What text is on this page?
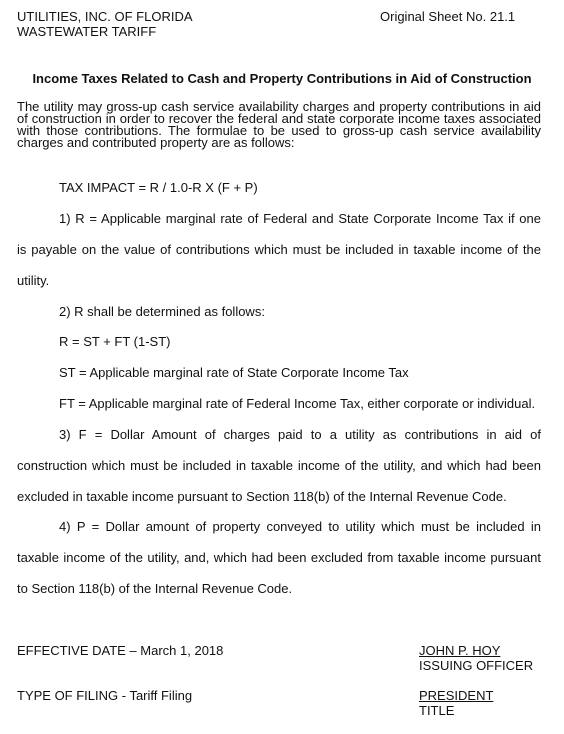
UTILITIES, INC. OF FLORIDA
WASTEWATER TARIFF
Original Sheet No. 21.1
Income Taxes Related to Cash and Property Contributions in Aid of Construction
The utility may gross-up cash service availability charges and property contributions in aid of construction in order to recover the federal and state corporate income taxes associated with those contributions. The formulae to be used to gross-up cash service availability charges and contributed property are as follows:
TAX IMPACT = R / 1.0-R X (F + P)
1) R = Applicable marginal rate of Federal and State Corporate Income Tax if one
is payable on the value of contributions which must be included in taxable income of the
utility.
2) R shall be determined as follows:
R = ST + FT (1-ST)
ST = Applicable marginal rate of State Corporate Income Tax
FT = Applicable marginal rate of Federal Income Tax, either corporate or individual.
3) F = Dollar Amount of charges paid to a utility as contributions in aid of
construction which must be included in taxable income of the utility, and which had been
excluded in taxable income pursuant to Section 118(b) of the Internal Revenue Code.
4) P = Dollar amount of property conveyed to utility which must be included in
taxable income of the utility, and, which had been excluded from taxable income pursuant
to Section 118(b) of the Internal Revenue Code.
EFFECTIVE DATE – March 1, 2018	JOHN P. HOY
ISSUING OFFICER
TYPE OF FILING - Tariff Filing	PRESIDENT
TITLE
